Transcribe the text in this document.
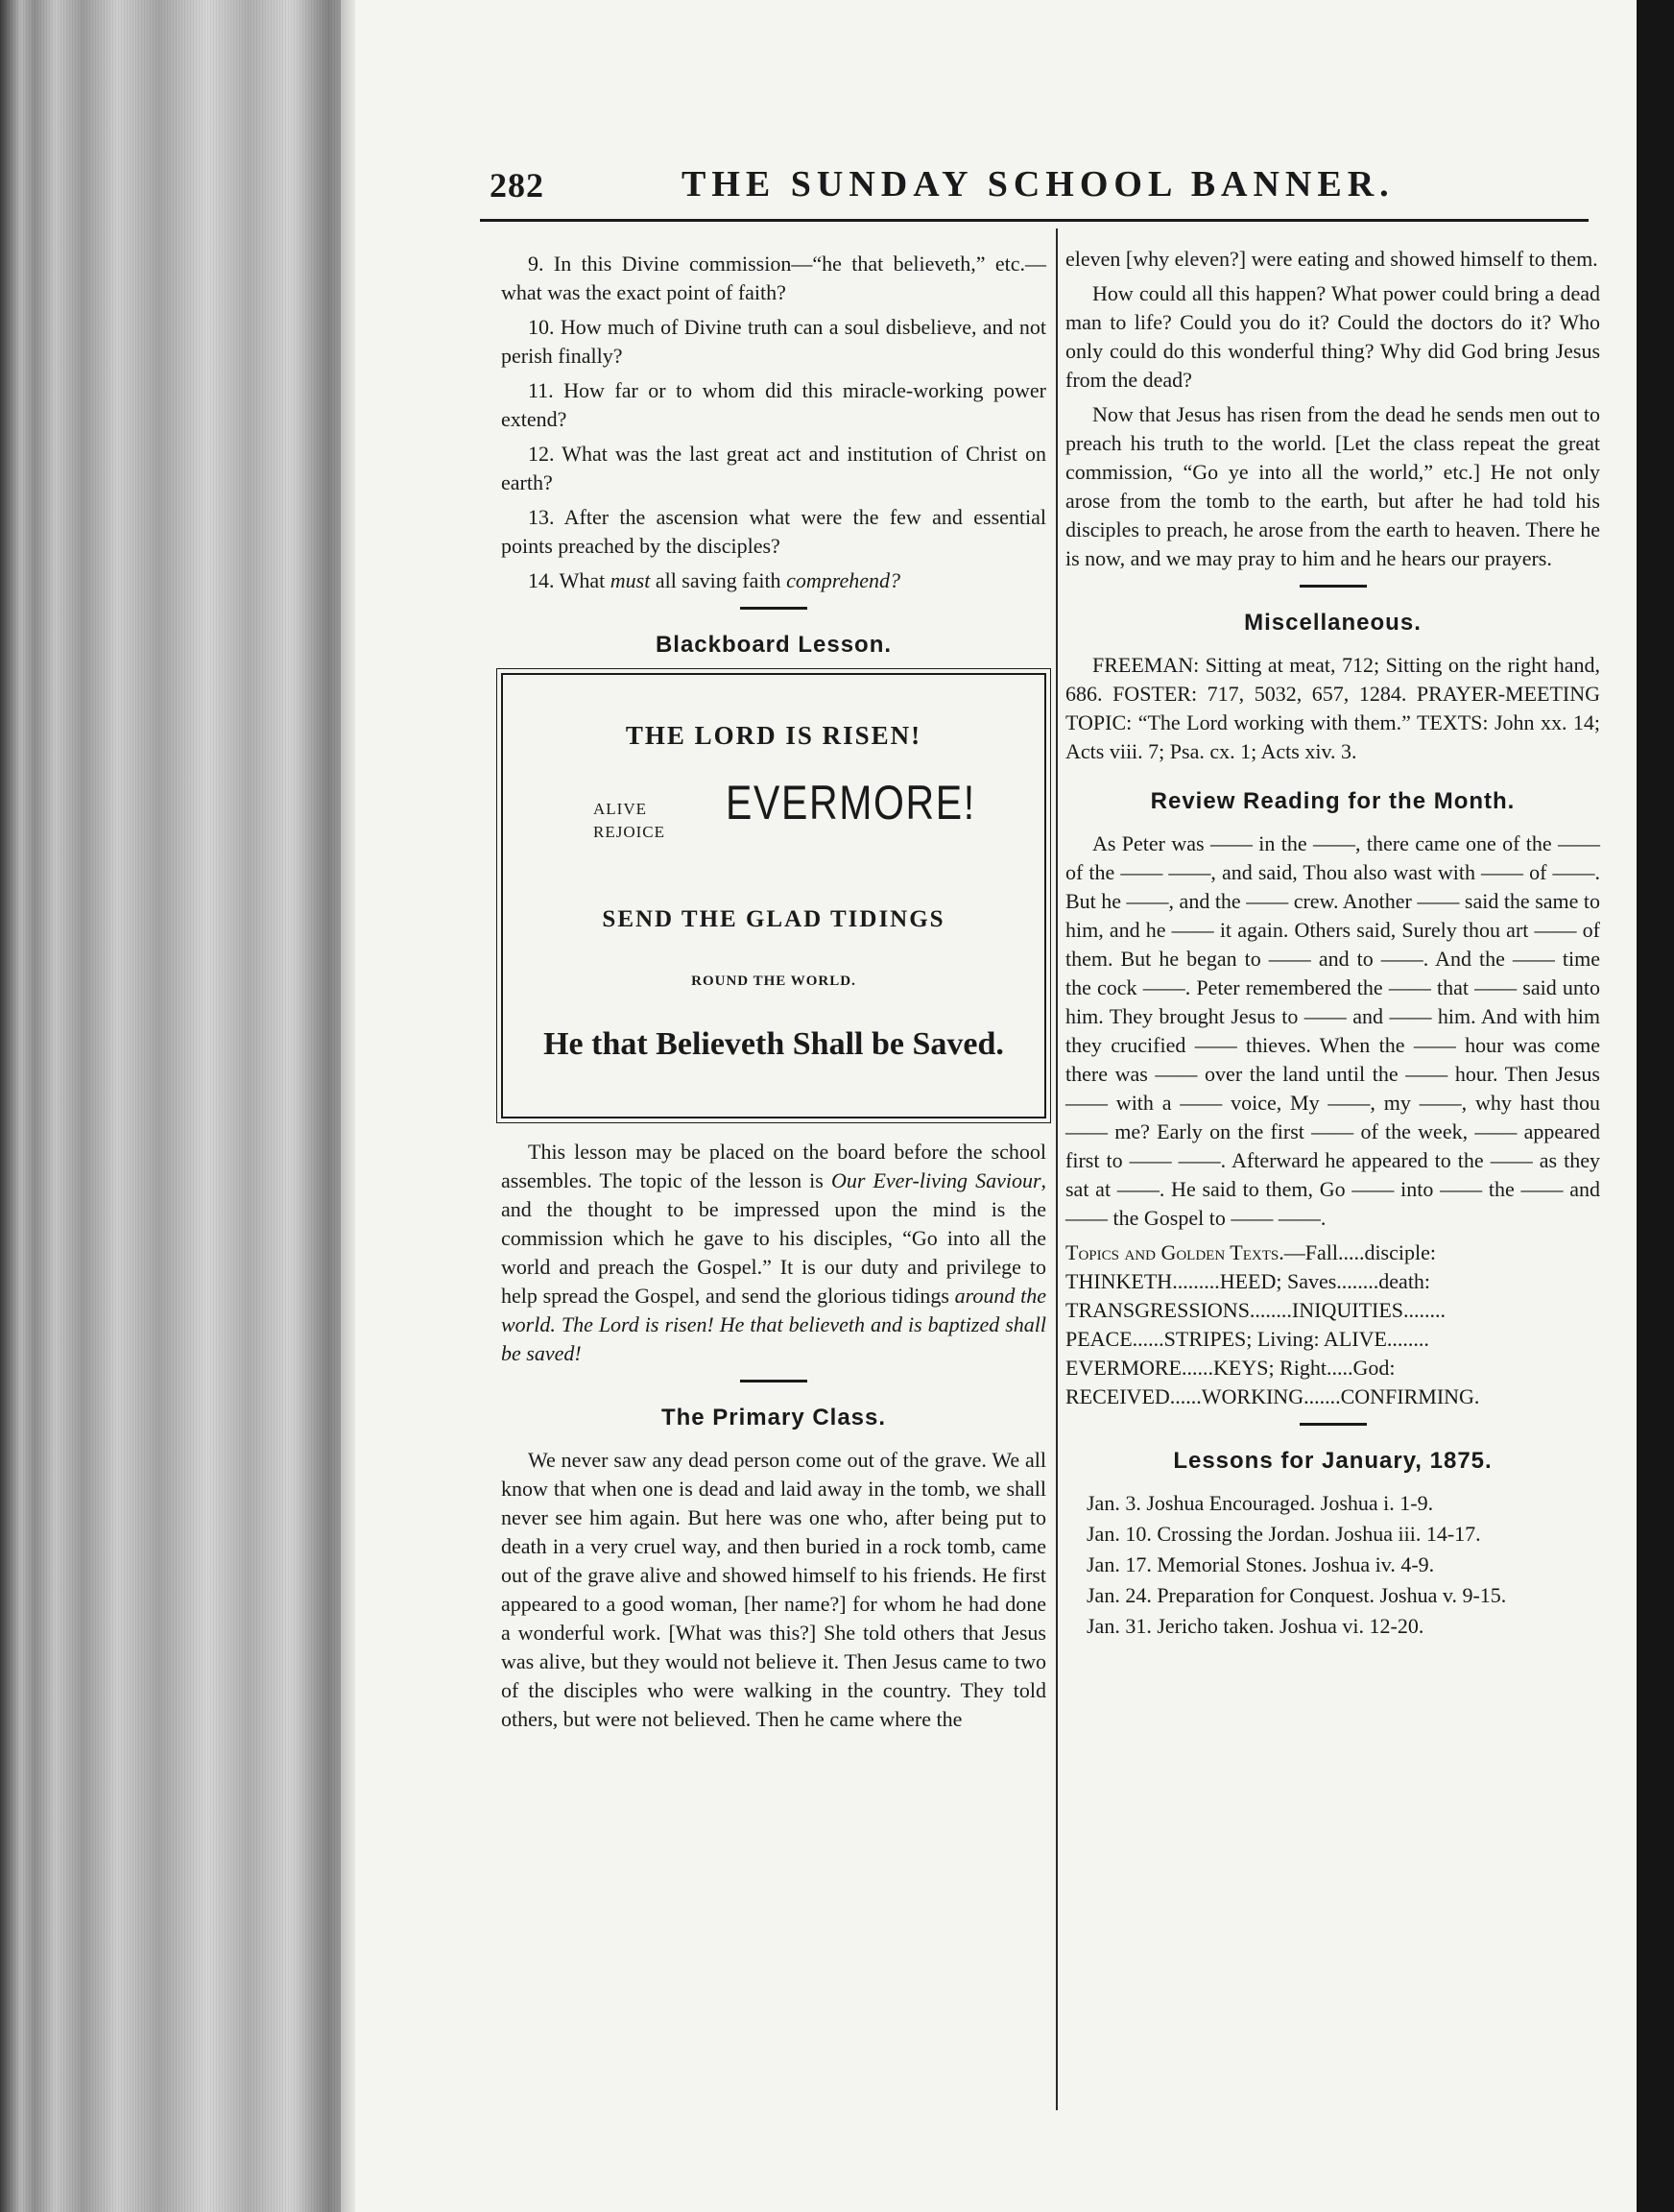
282	THE SUNDAY SCHOOL BANNER.

9. In this Divine commission—“he that believeth,” etc.—what was the exact point of faith?

10. How much of Divine truth can a soul disbelieve, and not perish finally?

11. How far or to whom did this miracle-working power extend?

12. What was the last great act and institution of Christ on earth?

13. After the ascension what were the few and essential points preached by the disciples?

14. What must all saving faith comprehend?

Blackboard Lesson.
THE LORD IS RISEN!
ALIVE
REJOICE
EVERMORE!
SEND THE GLAD TIDINGS
ROUND THE WORLD.
He that Believeth Shall be Saved.

This lesson may be placed on the board before the school assembles. The topic of the lesson is Our Ever-living Saviour, and the thought to be impressed upon the mind is the commission which he gave to his disciples, “Go into all the world and preach the Gospel.” It is our duty and privilege to help spread the Gospel, and send the glorious tidings around the world. The Lord is risen! He that believeth and is baptized shall be saved!

The Primary Class.

We never saw any dead person come out of the grave. We all know that when one is dead and laid away in the tomb, we shall never see him again. But here was one who, after being put to death in a very cruel way, and then buried in a rock tomb, came out of the grave alive and showed himself to his friends. He first appeared to a good woman, [her name?] for whom he had done a wonderful work. [What was this?] She told others that Jesus was alive, but they would not believe it. Then Jesus came to two of the disciples who were walking in the country. They told others, but were not believed. Then he came where the

eleven [why eleven?] were eating and showed himself to them.

How could all this happen? What power could bring a dead man to life? Could you do it? Could the doctors do it? Who only could do this wonderful thing? Why did God bring Jesus from the dead?

Now that Jesus has risen from the dead he sends men out to preach his truth to the world. [Let the class repeat the great commission, “Go ye into all the world,” etc.] He not only arose from the tomb to the earth, but after he had told his disciples to preach, he arose from the earth to heaven. There he is now, and we may pray to him and he hears our prayers.

Miscellaneous.

FREEMAN: Sitting at meat, 712; Sitting on the right hand, 686. FOSTER: 717, 5032, 657, 1284. PRAYER-MEETING TOPIC: “The Lord working with them.” TEXTS: John xx. 14; Acts viii. 7; Psa. cx. 1; Acts xiv. 3.

Review Reading for the Month.

As Peter was —— in the ——, there came one of the —— of the —— ——, and said, Thou also wast with —— of ——. But he ——, and the —— crew. Another —— said the same to him, and he —— it again. Others said, Surely thou art —— of them. But he began to —— and to ——. And the —— time the cock ——. Peter remembered the —— that —— said unto him. They brought Jesus to —— and —— him. And with him they crucified —— thieves. When the —— hour was come there was —— over the land until the —— hour. Then Jesus —— with a —— voice, My ——, my ——, why hast thou —— me? Early on the first —— of the week, —— appeared first to —— ——. Afterward he appeared to the —— as they sat at ——. He said to them, Go —— into —— the —— and —— the Gospel to —— ——.

Topics and Golden Texts.—Fall.....disciple: THINKETH.........HEED; Saves........death: TRANSGRESSIONS........INIQUITIES........ PEACE......STRIPES; Living: ALIVE........ EVERMORE......KEYS; Right.....God: RECEIVED......WORKING.......CONFIRMING.

Lessons for January, 1875.

Jan. 3. Joshua Encouraged. Joshua i. 1-9.

Jan. 10. Crossing the Jordan. Joshua iii. 14-17.

Jan. 17. Memorial Stones. Joshua iv. 4-9.

Jan. 24. Preparation for Conquest. Joshua v. 9-15.

Jan. 31. Jericho taken. Joshua vi. 12-20.
